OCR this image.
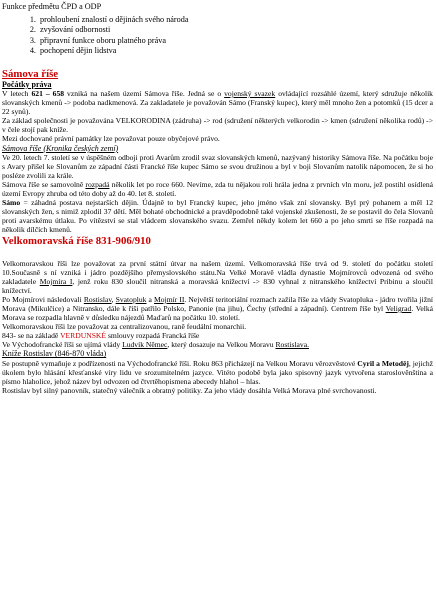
Funkce předmětu ČPD a ODP
1. prohloubení znalostí o dějinách svého národa
2. zvyšování odbornosti
3. připravní funkce oboru platného práva
4. pochopení dějin lidstva
Sámova říše
Počátky práva

V letech 621 – 658 vzniká na našem území Sámova říše. Jedná se o vojenský svazek ovládající rozsáhlé území, který sdružuje několik slovanských kmenů -> podoba nadkmenová. Za zakladatele je považován Sámo (Franský kupec), který měl mnoho žen a potomků (15 dcer a 22 synů).

Za základ společnosti je považována VELKORODINA (zádruha) -> rod (sdružení některých velkorodin -> kmen (sdružení několika rodů) -> v čele stojí pak kníže.

Mezi dochované právní památky lze považovat pouze obyčejové právo.

Sámova říše (Kronika českých zemí)

Ve 20. letech 7. století se v úspěšném odboji proti Avarům zrodil svaz slovanských kmenů, nazývaný historiky Sámova říše. Na počátku boje s Avary přišel ke Slovanům ze západní části Francké říše kupec Sámo se svou družinou a byl v boji Slovanům natolik nápomocen, že si ho posléze zvolili za krále.

Sámova říše se samovolně rozpadá několik let po roce 660. Nevíme, zda tu nějakou roli hrála jedna z prvních vln moru, jež postihl osídlená území Evropy zhruba od této doby až do 40. let 8. století.

Sámo = záhadná postava nejstarších dějin. Údajně to byl Francký kupec, jeho jméno však zní slovansky. Byl prý pohanem a měl 12 slovanských žen, s nimiž zplodil 37 dětí. Měl bohaté obchodnické a pravděpodobně také vojenské zkušenosti, že se postavil do čela Slovanů proti avarskému útlaku. Po vítězství se stal vládcem slovanského svazu. Zemřel někdy kolem let 660 a po jeho smrti se říše rozpadá na několik dílčích kmenů.

Velkomoravská říše 831-906/910

Velkomoravskou říši lze považovat za první státní útvar na našem území. Velkomoravská říše trvá od 9. století do počátku století 10.Současně s ní vzniká i jádro pozdějšího přemyslovského státu.Na Velké Moravě vládla dynastie Mojmírovců odvozená od svého zakladatele Mojmíra I, jenž roku 830 sloučil nitranská a moravská knížectví -> 830 vyhnal z nitranského knížectví Pribinu a sloučil knížectví.

Po Mojmírovi následovali Rostislav, Svatopluk a Mojmír II. Největší teritoriální rozmach zažila říše za vlády Svatopluka - jádro tvořila jižní Morava (Mikulčice) a Nitransko, dále k říši patřilo Polsko, Panonie (na jihu), Čechy (střední a západní). Centrem říše byl Veligrad. Velká Morava se rozpadla hlavně v důsledku nájezdů Maďarů na počátku 10. století.

Velkomoravskou říši lze považovat za centralizovanou, raně feudální monarchii.

843- se na základě VERDUNSKÉ smlouvy rozpadá Francká říše

Ve Východofrancké říši se ujímá vlády Ludvík Němec, který dosazuje na Velkou Moravu Rostislava.

Kníže Rostislav (846-870 vláda)

Se postupně vymaňuje z podřízenosti na Východofrancké říši. Roku 863 přicházejí na Velkou Moravu věrozvěstové Cyril a Metoděj, jejichž úkolem bylo hlásání křesťanské víry lidu ve srozumitelném jazyce. Vitéto podobě byla jako spisovný jazyk vytvořena staroslověnština a písmo hlaholice, jehož název byl odvozen od čtvrtěhopismena abecedy hlahol – hlas.

Rostislav byl silný panovník, statečný válečník a obratný politiky. Za jeho vlády dosáhla Velká Morava plné svrchovanosti.
